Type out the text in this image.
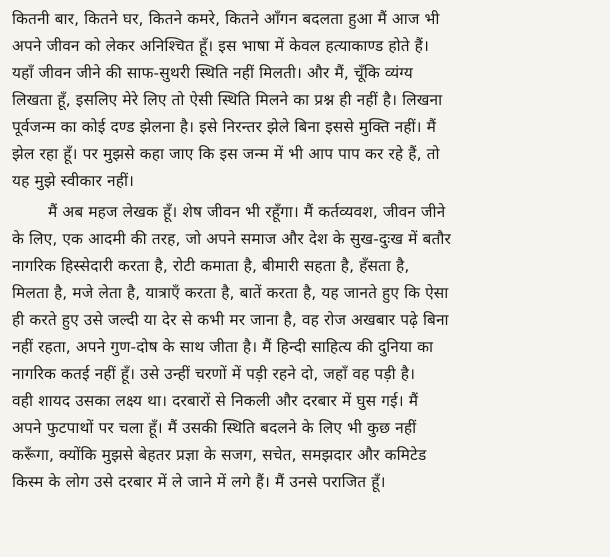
कितनी बार, कितने घर, कितने कमरे, कितने आँगन बदलता हुआ मैं आज भी
अपने जीवन को लेकर अनिश्चित हूँ। इस भाषा में केवल हत्याकाण्ड होते हैं।
यहाँ जीवन जीने की साफ-सुथरी स्थिति नहीं मिलती। और मैं, चूँकि व्यंग्य
लिखता हूँ, इसलिए मेरे लिए तो ऐसी स्थिति मिलने का प्रश्न ही नहीं है। लिखना
पूर्वजन्म का कोई दण्ड झेलना है। इसे निरन्तर झेले बिना इससे मुक्ति नहीं। मैं
झेल रहा हूँ। पर मुझसे कहा जाए कि इस जन्म में भी आप पाप कर रहे हैं, तो
यह मुझे स्वीकार नहीं।
मैं अब महज लेखक हूँ। शेष जीवन भी रहूँगा। मैं कर्तव्यवश, जीवन जीने
के लिए, एक आदमी की तरह, जो अपने समाज और देश के सुख-दुःख में बतौर
नागरिक हिस्सेदारी करता है, रोटी कमाता है, बीमारी सहता है, हँसता है,
मिलता है, मजे लेता है, यात्राएँ करता है, बातें करता है, यह जानते हुए कि ऐसा
ही करते हुए उसे जल्दी या देर से कभी मर जाना है, वह रोज अखबार पढ़े बिना
नहीं रहता, अपने गुण-दोष के साथ जीता है। मैं हिन्दी साहित्य की दुनिया का
नागरिक कतई नहीं हूँ। उसे उन्हीं चरणों में पड़ी रहने दो, जहाँ वह पड़ी है।
वही शायद उसका लक्ष्य था। दरबारों से निकली और दरबार में घुस गई। मैं
अपने फुटपाथों पर चला हूँ। मैं उसकी स्थिति बदलने के लिए भी कुछ नहीं
करूँगा, क्योंकि मुझसे बेहतर प्रज्ञा के सजग, सचेत, समझदार और कमिटेड
किस्म के लोग उसे दरबार में ले जाने में लगे हैं। मैं उनसे पराजित हूँ।
